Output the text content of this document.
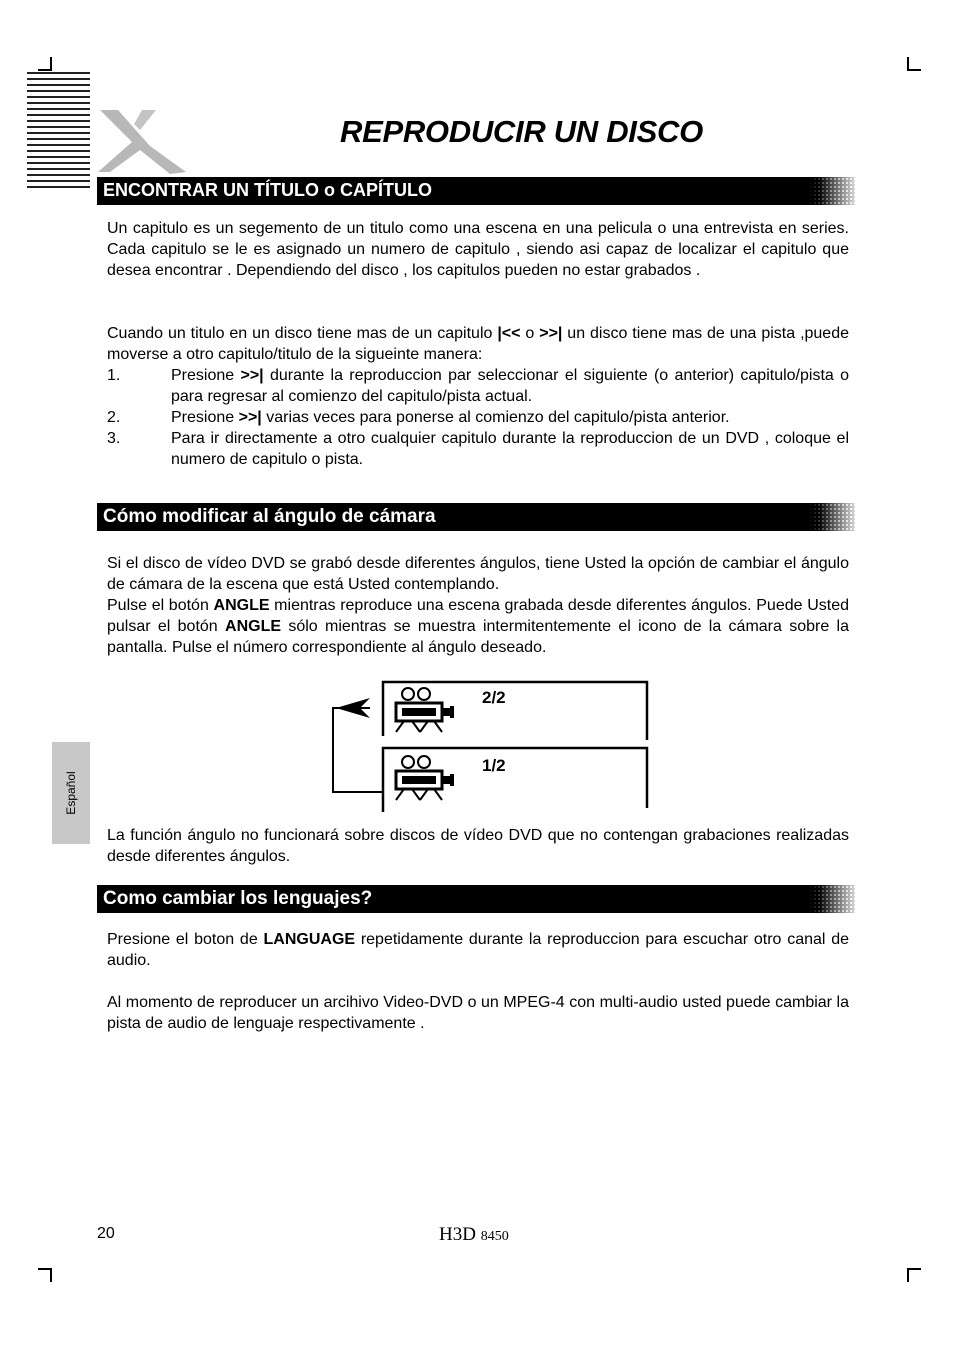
REPRODUCIR UN DISCO
ENCONTRAR UN TÍTULO o CAPÍTULO

Un capitulo es un segemento de un titulo como una escena en una pelicula o una entrevista en series. Cada capitulo se le es asignado un numero de capitulo , siendo asi capaz de localizar el capitulo que desea encontrar . Dependiendo del disco , los capitulos pueden no estar grabados .

Cuando un titulo en un disco tiene mas de un capitulo |<< o >>| un disco tiene mas de una pista ,puede moverse a otro capitulo/titulo de la sigueinte manera:

1.	Presione >>| durante la reproduccion par seleccionar el siguiente (o anterior) capitulo/pista o para regresar al comienzo del capitulo/pista actual.
2.	Presione >>| varias veces para ponerse al comienzo del capitulo/pista anterior.
3.	Para ir directamente a otro cualquier capitulo durante la reproduccion de un DVD , coloque el numero de capitulo o pista.
Cómo modificar al ángulo de cámara

Si el disco de vídeo DVD se grabó desde diferentes ángulos, tiene Usted la opción de cambiar el ángulo de cámara de la escena que está Usted contemplando.

Pulse el botón ANGLE mientras reproduce una escena grabada desde diferentes ángulos. Puede Usted pulsar el botón ANGLE sólo mientras se muestra intermitentemente el icono de la cámara sobre la pantalla. Pulse el número correspondiente al ángulo deseado.

2/2
1/2

La función ángulo no funcionará sobre discos de vídeo DVD que no contengan grabaciones realizadas desde diferentes ángulos.

Como cambiar los lenguajes?

Presione el boton de LANGUAGE repetidamente durante la reproduccion para escuchar otro canal de audio.

Al momento de reproducer un arcihivo Video-DVD o un MPEG-4 con multi-audio usted puede cambiar la pista de audio de lenguaje respectivamente .

Español
20	H3D 8450
